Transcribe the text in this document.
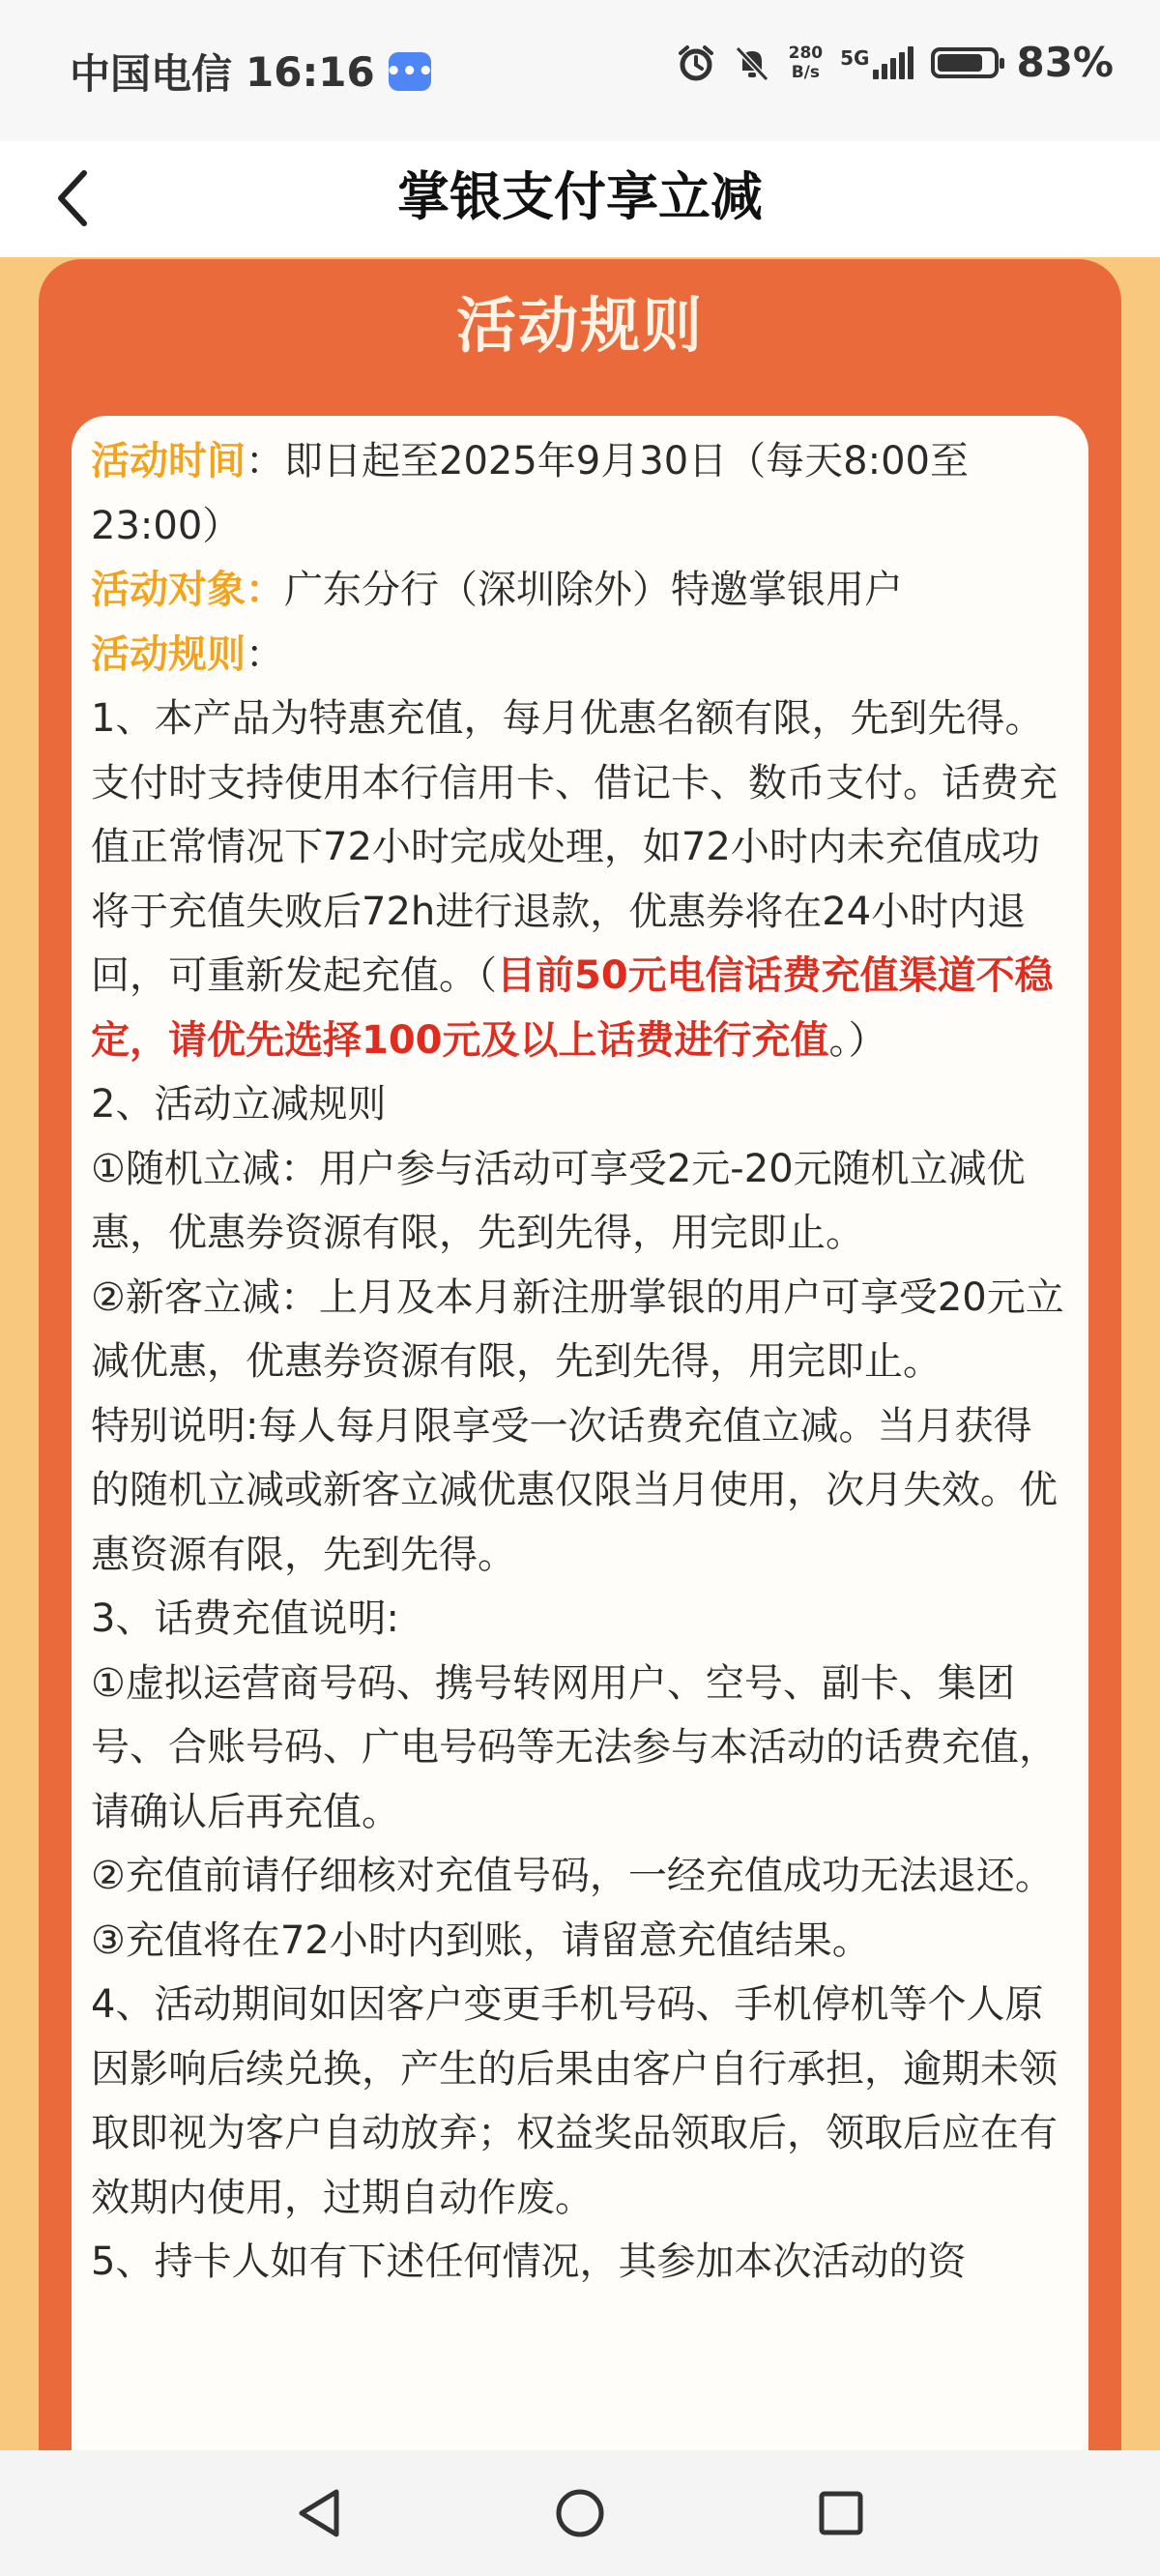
中国电信 16:16 •••
280
B/s
5G	83%
掌银支付享立减
活动规则

活动时间：即日起至2025年9月30日（每天8:00至23:00）

活动对象：广东分行（深圳除外）特邀掌银用户

活动规则：

1、本产品为特惠充值，每月优惠名额有限，先到先得。支付时支持使用本行信用卡、借记卡、数币支付。话费充值正常情况下72小时完成处理，如72小时内未充值成功将于充值失败后72h进行退款，优惠券将在24小时内退回，可重新发起充值。（目前50元电信话费充值渠道不稳定，请优先选择100元及以上话费进行充值。）

2、活动立减规则

①随机立减：用户参与活动可享受2元-20元随机立减优惠，优惠券资源有限，先到先得，用完即止。

②新客立减：上月及本月新注册掌银的用户可享受20元立减优惠，优惠券资源有限，先到先得，用完即止。

特别说明:每人每月限享受一次话费充值立减。当月获得的随机立减或新客立减优惠仅限当月使用，次月失效。优惠资源有限，先到先得。

3、话费充值说明:

①虚拟运营商号码、携号转网用户、空号、副卡、集团号、合账号码、广电号码等无法参与本活动的话费充值，请确认后再充值。

②充值前请仔细核对充值号码，一经充值成功无法退还。

③充值将在72小时内到账，请留意充值结果。

4、活动期间如因客户变更手机号码、手机停机等个人原因影响后续兑换，产生的后果由客户自行承担，逾期未领取即视为客户自动放弃；权益奖品领取后，领取后应在有效期内使用，过期自动作废。

5、持卡人如有下述任何情况，其参加本次活动的资
